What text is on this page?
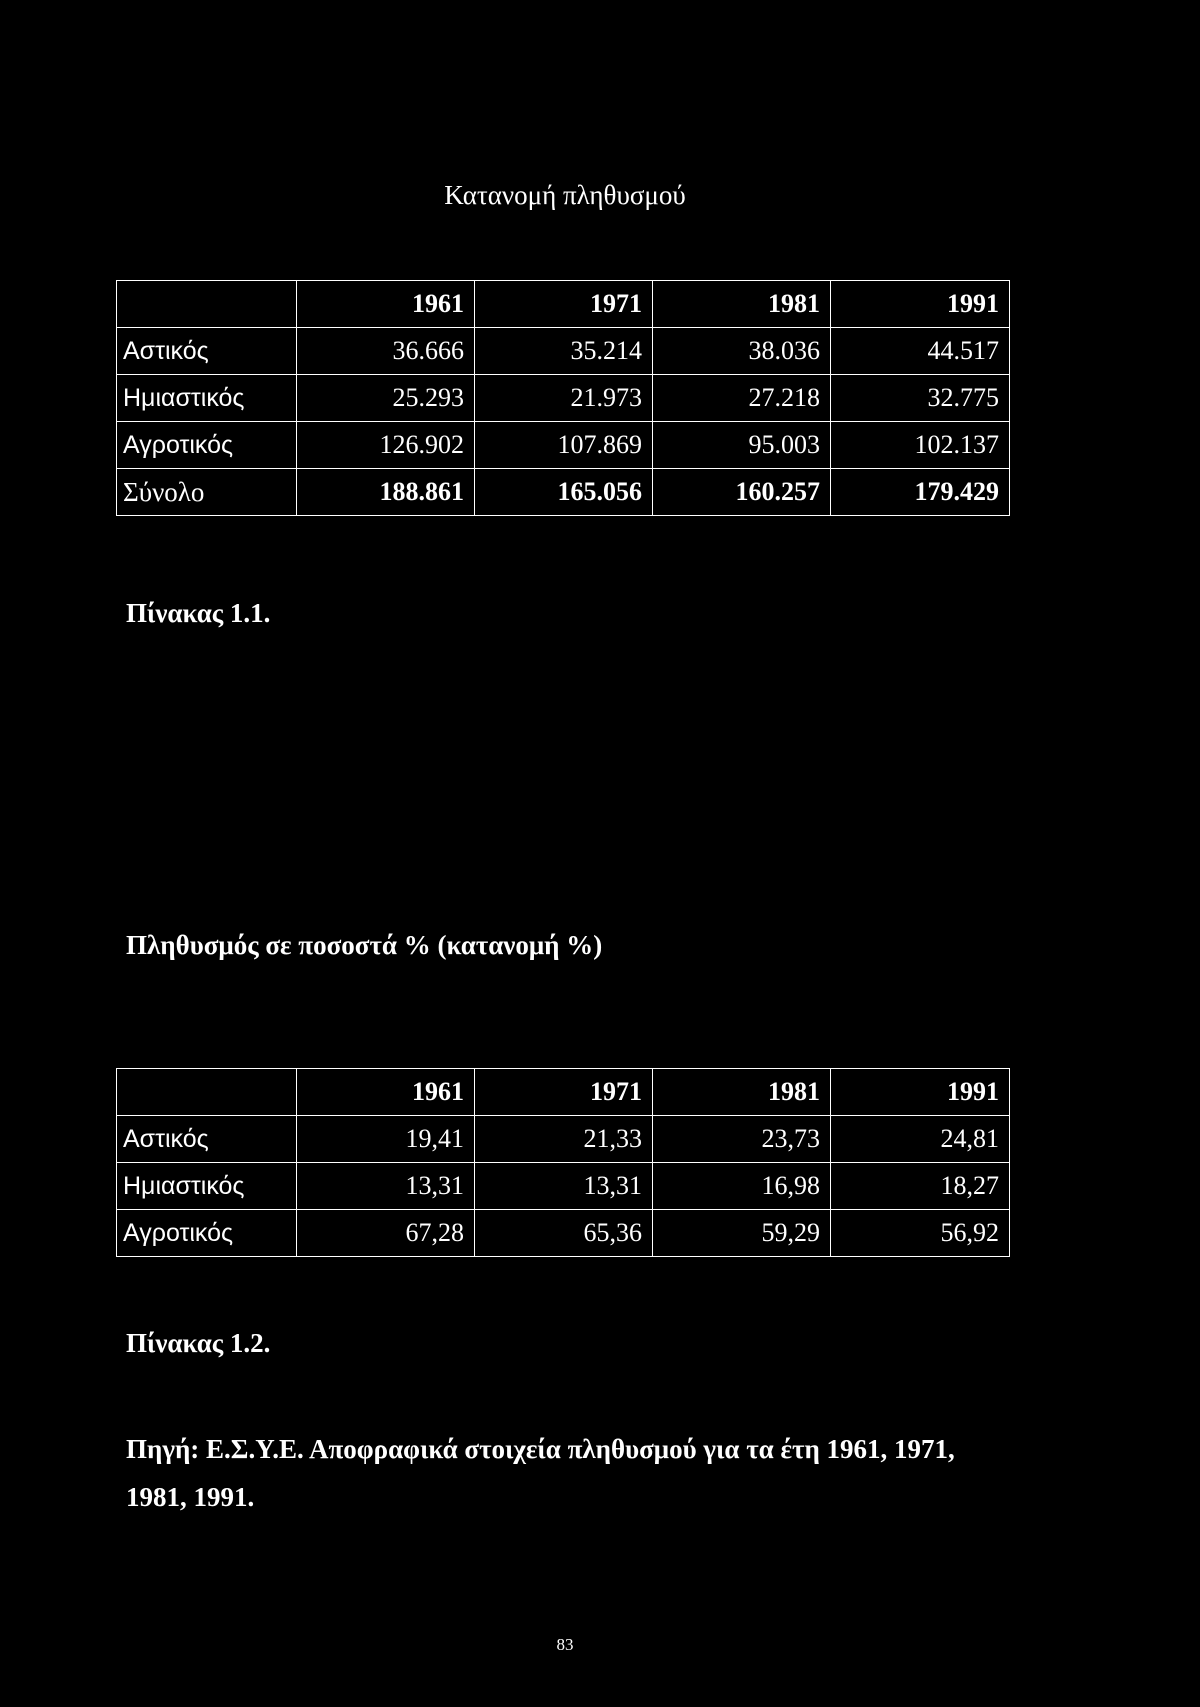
Κατανομή πληθυσμού
	1961	1971	1981	1991
Αστικός	36.666	35.214	38.036	44.517
Ημιαστικός	25.293	21.973	27.218	32.775
Αγροτικός	126.902	107.869	95.003	102.137
Σύνολο	188.861	165.056	160.257	179.429
Πίνακας 1.1.
Πληθυσμός σε ποσοστά % (κατανομή %)
	1961	1971	1981	1991
Αστικός	19,41	21,33	23,73	24,81
Ημιαστικός	13,31	13,31	16,98	18,27
Αγροτικός	67,28	65,36	59,29	56,92
Πίνακας 1.2.
Πηγή: Ε.Σ.Υ.Ε. Αποφραφικά στοιχεία πληθυσμού για τα έτη 1961, 1971, 1981, 1991.
83
